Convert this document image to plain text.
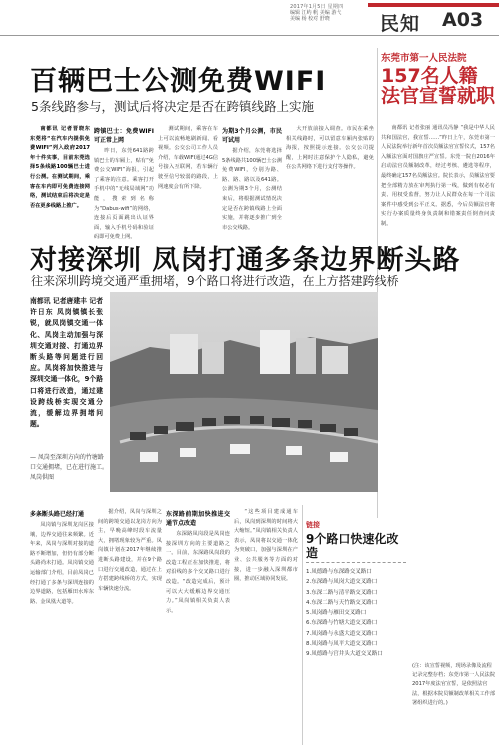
2017年1月5日 星期四
编辑 江屿 帆 美编 游弋
美编 杨 校对 舒晓	民知 A03
百辆巴士公测免费WIFI
5条线路参与，测试后将决定是否在跨镇线路上实施
东莞市第一人民法院
157名人籍法官宣誓就职

南都讯 记者张丽 通讯员冯静 “我是中华人民共和国法官，我宣誓……”昨日上午，东莞市第一人民法院举行新年首次员额法官宣誓仪式，157名入额法官面对国旗庄严宣誓。东莞一院自2016年启动法官员额制改革，经过考核、遴选等程序，最终确定157名员额法官。院长表示，员额法官要把全部精力放在审判执行第一线，做到有权必有责、用权受监督，努力让人民群众在每一个司法案件中感受到公平正义。据悉，今后员额法官将实行办案质量终身负责制和错案责任倒查问责制。

南都讯 记者晋晓东 东莞将“在汽车内提供免费WIFI”列入政府2017年十件实事，目前东莞选择5条线路100辆巴士进行公测。在测试期间，乘客在车内即可免费连接网络，测试结束后将决定是否在更多线路上推广。

跨镇巴士：免费WIFI可正常上网

昨日，东莞641路跨镇巴士的车厢上，贴有“免费公交WIFI”海报，引起了乘客的注意。乘客打开手机中的“无线局域网”功能，搜索到名称为“Dabus-wifi”的网络，连接后页面跳出认证界面，输入手机号码和验证码即可免费上网。

测试期间，乘客在车上可以流畅地刷新闻、看视频。公交公司工作人员介绍，车载WIFI通过4G信号接入互联网，若车辆行驶至信号较弱的路段，上网速度会有所下降。

为期3个月公测，市民可试用

据介绍，东莞将选择5条线路共100辆巴士公测免费WIFI，分别为路、路、路、路以及641路。公测为期3个月，公测结束后，将根据测试情况决定是否在跨镇线路上全面实施，并将逐步推广到全市公交线路。

大开放前接入调查。市民在乘坐相关线路时，可以留意车厢内张贴的海报，按照提示连接。公交公司提醒，上网时注意保护个人隐私，避免在公共网络下进行支付等操作。

对接深圳 凤岗打通多条边界断头路
往来深圳跨境交通严重拥堵，9个路口将进行改造，在上方搭建跨线桥
南都讯 记者唐建丰 记者许日东 凤岗镇镇长张锐，就凤岗镇交通一体化、凤岗主动加强与深圳交通对接、打通边界断头路等问题进行回应。凤岗将加快推进与深圳交通一体化，9个路口将进行改造，通过建设跨线桥实现交通分流，缓解边界拥堵问题。
— 凤岗至深圳方向的竹塘路口交通拥堵，已在进行施工。凤岗供图
多条断头路已经打通

凤岗镇与深圳龙岗区接壤，边界交通往来频繁。近年来，凤岗与深圳对接的道路不断增加，但仍有部分断头路尚未打通。凤岗镇交通运输部门介绍，目前凤岗已经打通了多条与深圳连接的边界道路，包括雁田水库东路、金凤凰大道等。

据介绍，凤岗与深圳之间的跨境交通以龙岗方向为主，早晚高峰时段车流量大，拥堵现象较为严重。凤岗镇计划在2017年继续推进断头路建设，并在9个路口进行交通改造，通过在上方搭建跨线桥的方式，实现车辆快速分流。

东深路前期加快推进交通节点改造

东深路凤岗段是凤岗连接深圳方向的主要道路之一。目前，东深路凤岗段的改造工程正在加快推进，将对沿线的多个交叉路口进行改造。“改造完成后，预计可以大大缓解边界交通压力。”凤岗镇相关负责人表示。

“这些项目建成通车后，凤岗到深圳的时间将大大缩短。”凤岗镇相关负责人表示，凤岗将以交通一体化为突破口，加强与深圳在产业、公共服务等方面的对接，进一步融入深圳都市圈，推动区域协同发展。

链接
9个路口快速化改造
1.凤德路与东深路交叉路口
2.东深路与凤岗大道交叉路口
3.东深二路与清平路交叉路口
4.东深二路与天竹路交叉路口
5.凤岗路与雁田交叉路口
6.东深路与竹塘大道交叉路口
7.凤岗路与永盛大道交叉路口
8.凤岗路与凤平大道交叉路口
9.凤德路与官井头大道交叉路口
(注：该宣誓视频，现场录像及流程记录完整存档；东莞市第一人民法院2017年度法官宣誓，是依照法官法，根据本院员额制改革相关工作部署组织进行的。)
